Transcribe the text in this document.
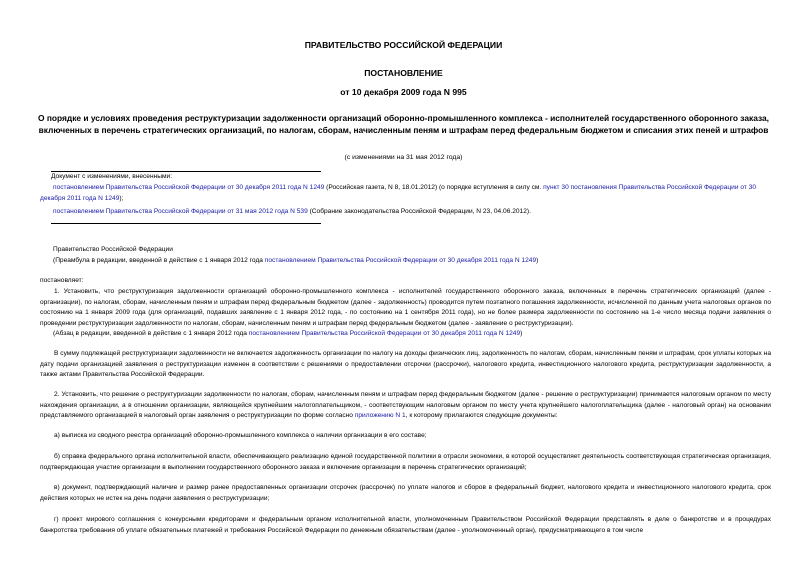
ПРАВИТЕЛЬСТВО РОССИЙСКОЙ ФЕДЕРАЦИИ
ПОСТАНОВЛЕНИЕ
от 10 декабря 2009 года N 995
О порядке и условиях проведения реструктуризации задолженности организаций оборонно-промышленного комплекса - исполнителей государственного оборонного заказа, включенных в перечень стратегических организаций, по налогам, сборам, начисленным пеням и штрафам перед федеральным бюджетом и списания этих пеней и штрафов
(с изменениями на 31 мая 2012 года)
Документ с изменениями, внесенными:
постановлением Правительства Российской Федерации от 30 декабря 2011 года N 1249 (Российская газета, N 8, 18.01.2012) (о порядке вступления в силу см. пункт 30 постановления Правительства Российской Федерации от 30 декабря 2011 года N 1249);
постановлением Правительства Российской Федерации от 31 мая 2012 года N 539 (Собрание законодательства Российской Федерации, N 23, 04.06.2012).
Правительство Российской Федерации
(Преамбула в редакции, введенной в действие с 1 января 2012 года постановлением Правительства Российской Федерации от 30 декабря 2011 года N 1249)
постановляет:
1. Установить, что реструктуризация задолженности организаций оборонно-промышленного комплекса - исполнителей государственного оборонного заказа, включенных в перечень стратегических организаций (далее - организации), по налогам, сборам, начисленным пеням и штрафам перед федеральным бюджетом (далее - задолженность) проводится путем поэтапного погашения задолженности, исчисленной по данным учета налоговых органов по состоянию на 1 января 2009 года (для организаций, подавших заявление с 1 января 2012 года, - по состоянию на 1 сентября 2011 года), но не более размера задолженности по состоянию на 1-е число месяца подачи заявления о проведении реструктуризации задолженности по налогам, сборам, начисленным пеням и штрафам перед федеральным бюджетом (далее - заявление о реструктуризации).
(Абзац в редакции, введенной в действие с 1 января 2012 года постановлением Правительства Российской Федерации от 30 декабря 2011 года N 1249)
В сумму подлежащей реструктуризации задолженности не включается задолженность организации по налогу на доходы физических лиц, задолженность по налогам, сборам, начисленным пеням и штрафам, срок уплаты которых на дату подачи организацией заявления о реструктуризации изменен в соответствии с решениями о предоставлении отсрочки (рассрочки), налогового кредита, инвестиционного налогового кредита, реструктуризации задолженности, а также актами Правительства Российской Федерации.
2. Установить, что решение о реструктуризации задолженности по налогам, сборам, начисленным пеням и штрафам перед федеральным бюджетом (далее - решение о реструктуризации) принимается налоговым органом по месту нахождения организации, а в отношении организации, являющейся крупнейшим налогоплательщиком, - соответствующим налоговым органом по месту учета крупнейшего налогоплательщика (далее - налоговый орган) на основании представляемого организацией в налоговый орган заявления о реструктуризации по форме согласно приложению N 1, к которому прилагаются следующие документы:
а) выписка из сводного реестра организаций оборонно-промышленного комплекса о наличии организации в его составе;
б) справка федерального органа исполнительной власти, обеспечивающего реализацию единой государственной политики в отрасли экономики, в которой осуществляет деятельность соответствующая стратегическая организация, подтверждающая участие организации в выполнении государственного оборонного заказа и включение организации в перечень стратегических организаций;
в) документ, подтверждающий наличие и размер ранее предоставленных организации отсрочек (рассрочек) по уплате налогов и сборов в федеральный бюджет, налогового кредита и инвестиционного налогового кредита, срок действия которых не истек на день подачи заявления о реструктуризации;
г) проект мирового соглашения с конкурсными кредиторами и федеральным органом исполнительной власти, уполномоченным Правительством Российской Федерации представлять в деле о банкротстве и в процедурах банкротства требования об уплате обязательных платежей и требования Российской Федерации по денежным обязательствам (далее - уполномоченный орган), предусматривающего в том числе
